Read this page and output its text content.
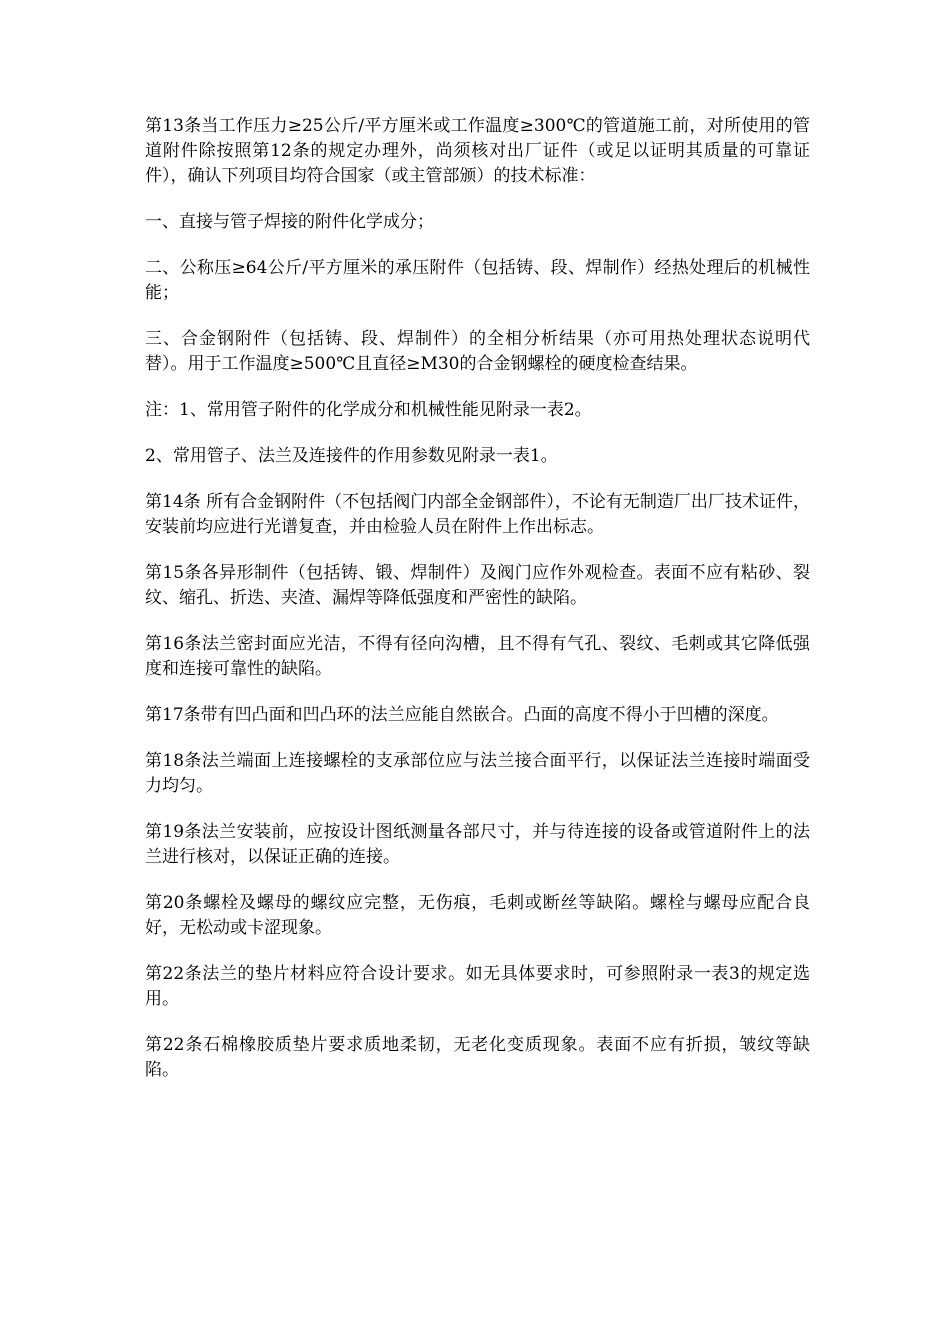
第13条当工作压力≥25公斤/平方厘米或工作温度≥300℃的管道施工前，对所使用的管道附件除按照第12条的规定办理外，尚须核对出厂证件（或足以证明其质量的可靠证件），确认下列项目均符合国家（或主管部颁）的技术标准：

一、直接与管子焊接的附件化学成分；

二、公称压≥64公斤/平方厘米的承压附件（包括铸、段、焊制作）经热处理后的机械性能；

三、合金钢附件（包括铸、段、焊制件）的全相分析结果（亦可用热处理状态说明代替）。用于工作温度≥500℃且直径≥M30的合金钢螺栓的硬度检查结果。

注：1、常用管子附件的化学成分和机械性能见附录一表2。

2、常用管子、法兰及连接件的作用参数见附录一表1。

第14条 所有合金钢附件（不包括阀门内部全金钢部件），不论有无制造厂出厂技术证件，安装前均应进行光谱复查，并由检验人员在附件上作出标志。

第15条各异形制件（包括铸、锻、焊制件）及阀门应作外观检查。表面不应有粘砂、裂纹、缩孔、折迭、夹渣、漏焊等降低强度和严密性的缺陷。

第16条法兰密封面应光洁，不得有径向沟槽，且不得有气孔、裂纹、毛刺或其它降低强度和连接可靠性的缺陷。

第17条带有凹凸面和凹凸环的法兰应能自然嵌合。凸面的高度不得小于凹槽的深度。

第18条法兰端面上连接螺栓的支承部位应与法兰接合面平行，以保证法兰连接时端面受力均匀。

第19条法兰安装前，应按设计图纸测量各部尺寸，并与待连接的设备或管道附件上的法兰进行核对，以保证正确的连接。

第20条螺栓及螺母的螺纹应完整，无伤痕，毛刺或断丝等缺陷。螺栓与螺母应配合良好，无松动或卡涩现象。

第22条法兰的垫片材料应符合设计要求。如无具体要求时，可参照附录一表3的规定选用。

第22条石棉橡胶质垫片要求质地柔韧，无老化变质现象。表面不应有折损，皱纹等缺陷。
